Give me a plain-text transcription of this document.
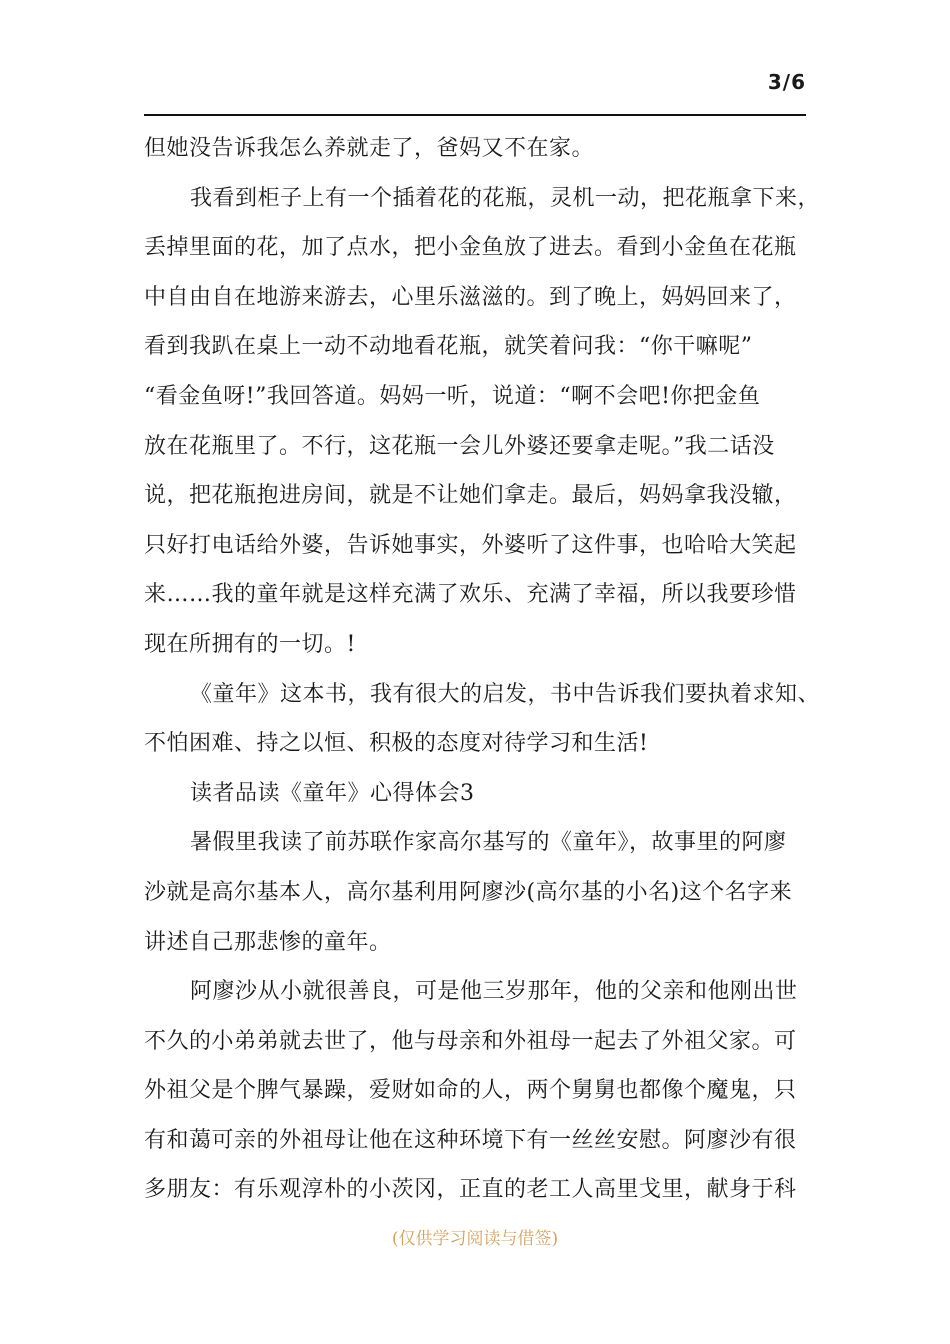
3/6
但她没告诉我怎么养就走了，爸妈又不在家。
我看到柜子上有一个插着花的花瓶，灵机一动，把花瓶拿下来，
丢掉里面的花，加了点水，把小金鱼放了进去。看到小金鱼在花瓶
中自由自在地游来游去，心里乐滋滋的。到了晚上，妈妈回来了，
看到我趴在桌上一动不动地看花瓶，就笑着问我：“你干嘛呢”
“看金鱼呀!”我回答道。妈妈一听，说道：“啊不会吧!你把金鱼
放在花瓶里了。不行，这花瓶一会儿外婆还要拿走呢。”我二话没
说，把花瓶抱进房间，就是不让她们拿走。最后，妈妈拿我没辙，
只好打电话给外婆，告诉她事实，外婆听了这件事，也哈哈大笑起
来……我的童年就是这样充满了欢乐、充满了幸福，所以我要珍惜
现在所拥有的一切。!
《童年》这本书，我有很大的启发，书中告诉我们要执着求知、
不怕困难、持之以恒、积极的态度对待学习和生活!
读者品读《童年》心得体会3
暑假里我读了前苏联作家高尔基写的《童年》，故事里的阿廖
沙就是高尔基本人，高尔基利用阿廖沙(高尔基的小名)这个名字来
讲述自己那悲惨的童年。
阿廖沙从小就很善良，可是他三岁那年，他的父亲和他刚出世
不久的小弟弟就去世了，他与母亲和外祖母一起去了外祖父家。可
外祖父是个脾气暴躁，爱财如命的人，两个舅舅也都像个魔鬼，只
有和蔼可亲的外祖母让他在这种环境下有一丝丝安慰。阿廖沙有很
多朋友：有乐观淳朴的小茨冈，正直的老工人高里戈里，献身于科
(仅供学习阅读与借签)
